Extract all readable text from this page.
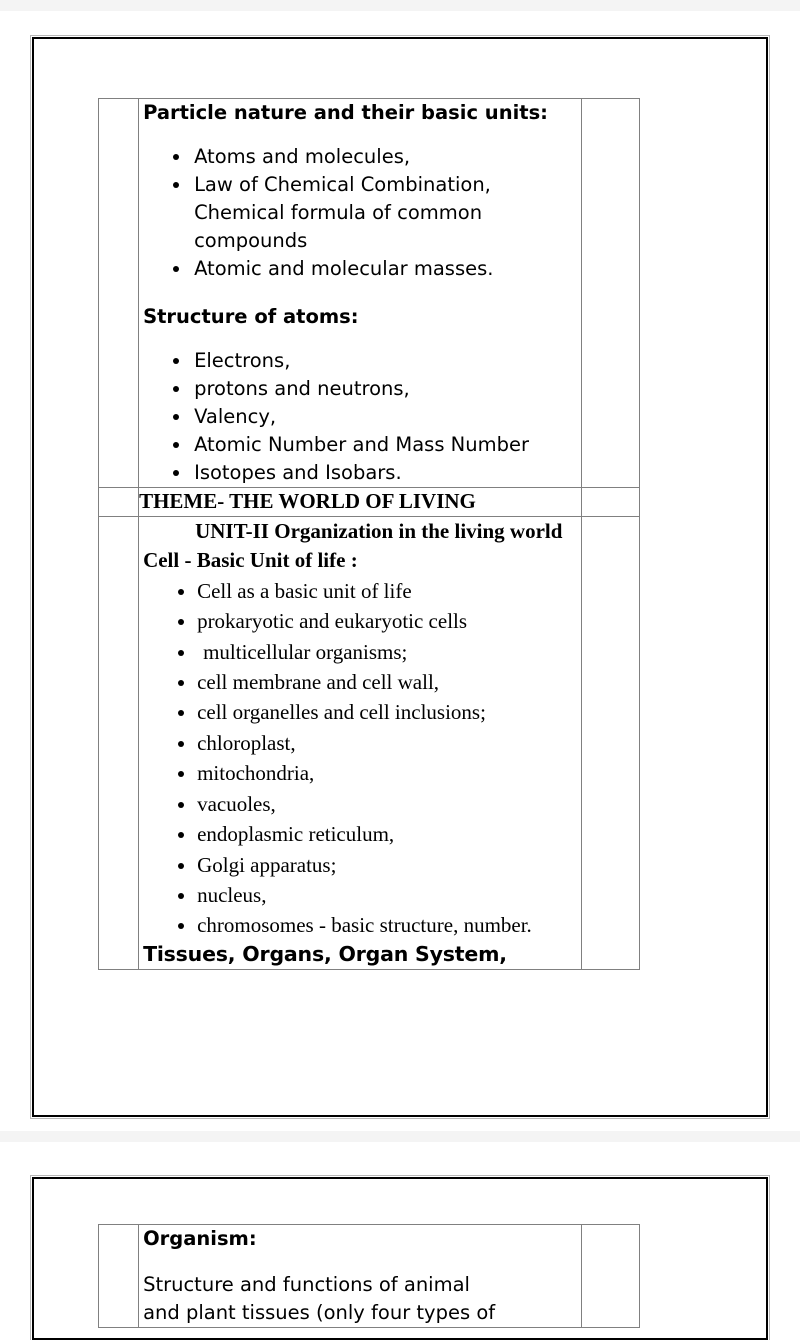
Particle nature and their basic units:

• Atoms and molecules,
• Law of Chemical Combination, Chemical formula of common compounds
• Atomic and molecular masses.

Structure of atoms:

• Electrons,
• protons and neutrons,
• Valency,
• Atomic Number and Mass Number
• Isotopes and Isobars.

	THEME- THE WORLD OF LIVING	

UNIT-II Organization in the living world

Cell - Basic Unit of life :

• Cell as a basic unit of life
• prokaryotic and eukaryotic cells
• multicellular organisms;
• cell membrane and cell wall,
• cell organelles and cell inclusions;
• chloroplast,
• mitochondria,
• vacuoles,
• endoplasmic reticulum,
• Golgi apparatus;
• nucleus,
• chromosomes - basic structure, number.

Tissues, Organs, Organ System,

Organism:

Structure and functions of animal

and plant tissues (only four types of
